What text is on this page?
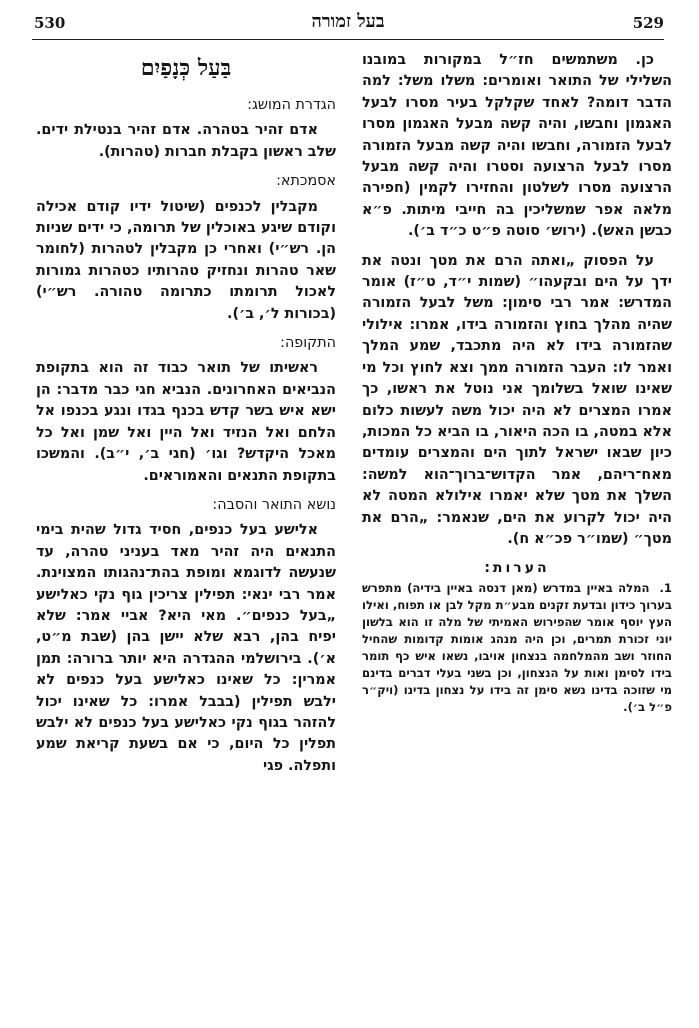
530	בעל זמורה	529

כן. משתמשים חז״ל במקורות במובנו השלילי של התואר ואומרים: משלו משל: למה הדבר דומה? לאחד שקלקל בעיר מסרו לבעל האגמון וחבשו, והיה קשה מבעל האגמון מסרו לבעל הזמורה, וחבשו והיה קשה מבעל הזמורה מסרו לבעל הרצועה וסטרו והיה קשה מבעל הרצועה מסרו לשלטון והחזירו לקמין (חפירה מלאה אפר שמשליכין בה חייבי מיתות. פ״א כבשן האש). (ירוש׳ סוטה פ״ט כ״ד ב׳).

על הפסוק „ואתה הרם את מטך ונטה את ידך על הים ובקעהו״ (שמות י״ד, ט״ז) אומר המדרש: אמר רבי סימון: משל לבעל הזמורה שהיה מהלך בחוץ והזמורה בידו, אמרו: אילולי שהזמורה בידו לא היה מתכבד, שמע המלך ואמר לו: העבר הזמורה ממך וצא לחוץ וכל מי שאינו שואל בשלומך אני נוטל את ראשו, כך אמרו המצרים לא היה יכול משה לעשות כלום אלא במטה, בו הכה היאור, בו הביא כל המכות, כיון שבאו ישראל לתוך הים והמצרים עומדים מאח־ריהם, אמר הקדוש־ברוך־הוא למשה: השלך את מטך שלא יאמרו אילולא המטה לא היה יכול לקרוע את הים, שנאמר: „הרם את מטך״ (שמו״ר פכ״א ח).

הערות:

1.המלה באיין במדרש (מאן דנסה באיין בידיה) מתפרש בערוך כידון ובדעת זקנים מבע״ת מקל לבן או תפוח, ואילו העץ יוסף אומר שהפירוש האמיתי של מלה זו הוא בלשון יוני זכורת תמרים, וכן היה מנהג אומות קדומות שהחיל החוזר ושב מהמלחמה בנצחון אויבו, נשאו איש כף תומר בידו לסימן ואות על הנצחון, וכן בשני בעלי דברים בדינם מי שזוכה בדינו נשא סימן זה בידו על נצחון בדינו (ויק״ר פ״ל ב׳).

בַּעַל כְּנָפַיִם
הגדרת המושג:

אדם זהיר בטהרה. אדם זהיר בנטילת ידים. שלב ראשון בקבלת חברות (טהרות).

אסמכתא:

מקבלין לכנפים (שיטול ידיו קודם אכילה וקודם שיגע באוכלין של תרומה, כי ידים שניות הן. רש״י) ואחרי כן מקבלין לטהרות (לחומר שאר טהרות ונחזיק טהרותיו כטהרות גמורות לאכול תרומתו כתרומה טהורה. רש״י) (בכורות ל׳, ב׳).

התקופה:

ראשיתו של תואר כבוד זה הוא בתקופת הנביאים האחרונים. הנביא חגי כבר מדבר: הן ישא איש בשר קדש בכנף בגדו ונגע בכנפו אל הלחם ואל הנזיד ואל היין ואל שמן ואל כל מאכל היקדש? וגו׳ (חגי ב׳, י״ב). והמשכו בתקופת התנאים והאמוראים.

נושא התואר והסבה:

אלישע בעל כנפים, חסיד גדול שהית בימי התנאים היה זהיר מאד בעניני טהרה, עד שנעשה לדוגמא ומופת בהת־נהגותו המצוינת. אמר רבי ינאי: תפילין צריכין גוף נקי כאלישע „בעל כנפים״. מאי היא? אביי אמר: שלא יפיח בהן, רבא שלא יישן בהן (שבת מ״ט, א׳). בירושלמי ההגדרה היא יותר ברורה: תמן אמרין: כל שאינו כאלישע בעל כנפים לא ילבש תפילין (בבבל אמרו: כל שאינו יכול להזהר בגוף נקי כאלישע בעל כנפים לא ילבש תפלין כל היום, כי אם בשעת קריאת שמע ותפלה. פגי
